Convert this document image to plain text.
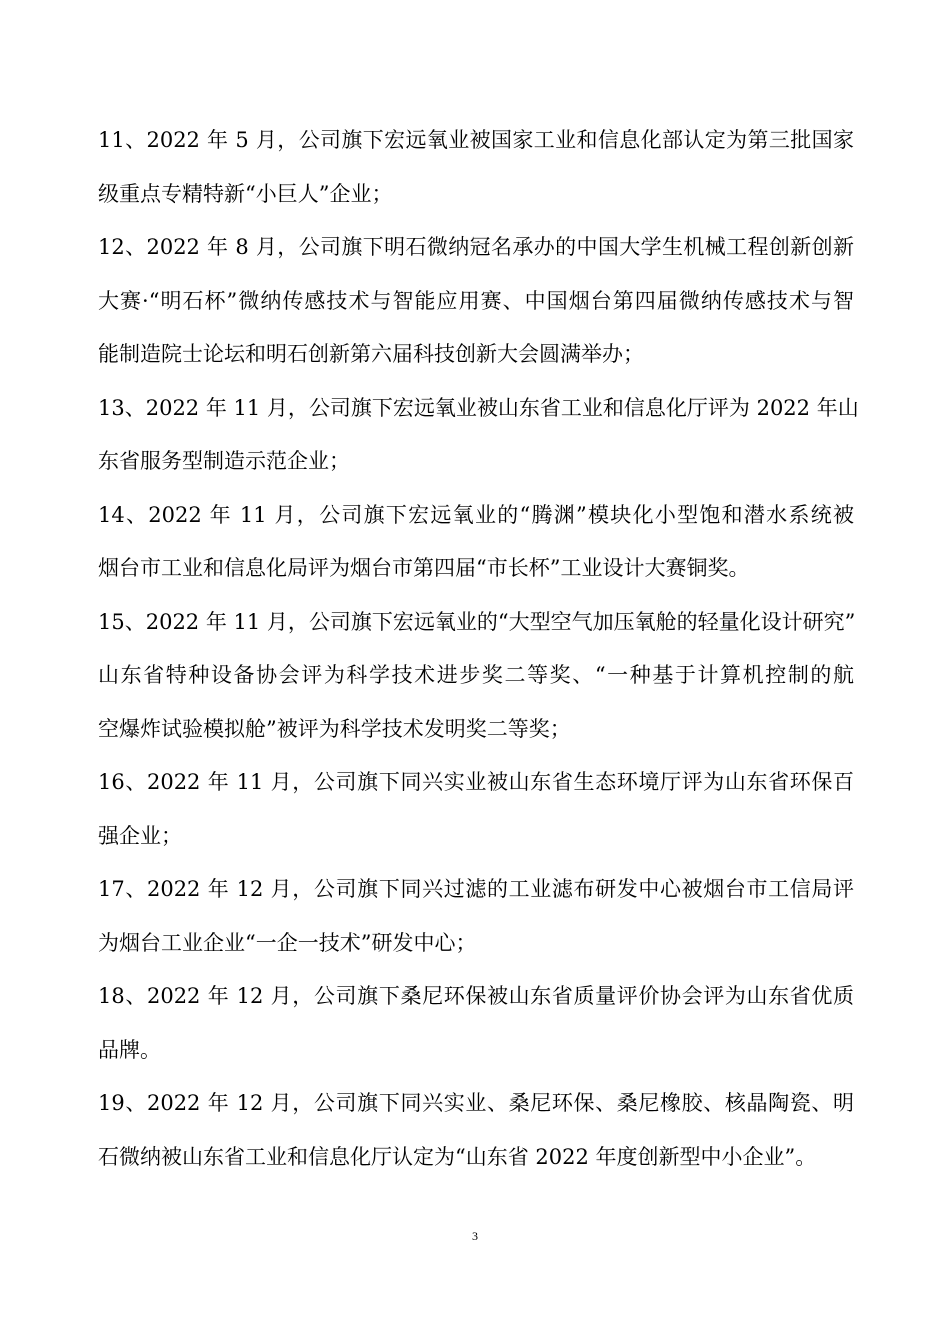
11、2022 年 5 月，公司旗下宏远氧业被国家工业和信息化部认定为第三批国家
级重点专精特新“小巨人”企业；
12、2022 年 8 月，公司旗下明石微纳冠名承办的中国大学生机械工程创新创新
大赛·“明石杯”微纳传感技术与智能应用赛、中国烟台第四届微纳传感技术与智
能制造院士论坛和明石创新第六届科技创新大会圆满举办；
13、2022 年 11 月，公司旗下宏远氧业被山东省工业和信息化厅评为 2022 年山
东省服务型制造示范企业；
14、2022 年 11 月，公司旗下宏远氧业的“腾渊”模块化小型饱和潜水系统被
烟台市工业和信息化局评为烟台市第四届“市长杯”工业设计大赛铜奖。
15、2022 年 11 月，公司旗下宏远氧业的“大型空气加压氧舱的轻量化设计研究”
山东省特种设备协会评为科学技术进步奖二等奖、“一种基于计算机控制的航
空爆炸试验模拟舱”被评为科学技术发明奖二等奖；
16、2022 年 11 月，公司旗下同兴实业被山东省生态环境厅评为山东省环保百
强企业；
17、2022 年 12 月，公司旗下同兴过滤的工业滤布研发中心被烟台市工信局评
为烟台工业企业“一企一技术”研发中心；
18、2022 年 12 月，公司旗下桑尼环保被山东省质量评价协会评为山东省优质
品牌。
19、2022 年 12 月，公司旗下同兴实业、桑尼环保、桑尼橡胶、核晶陶瓷、明
石微纳被山东省工业和信息化厅认定为“山东省 2022 年度创新型中小企业”。
3
